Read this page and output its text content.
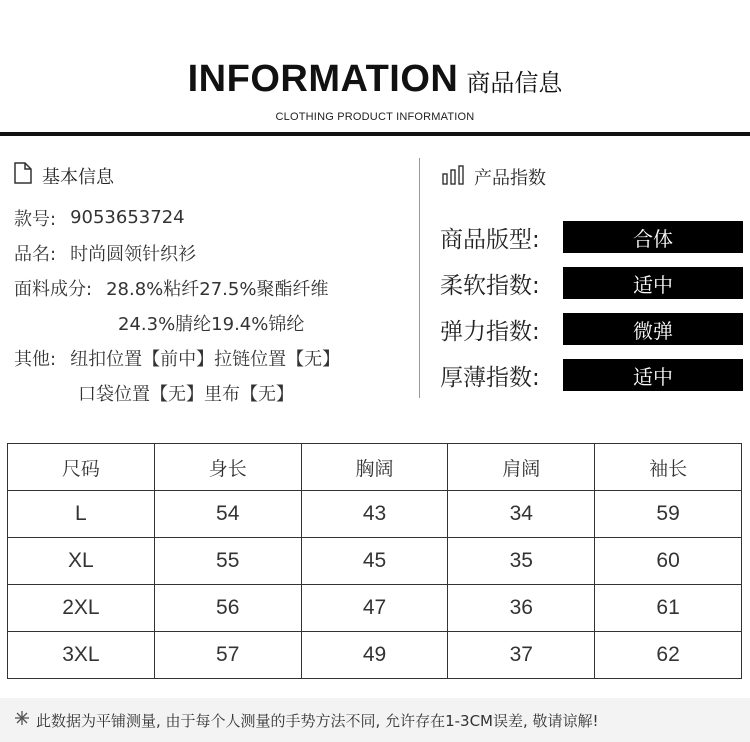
INFORMATION 商品信息
CLOTHING PRODUCT INFORMATION
基本信息
款号: 9053653724
品名: 时尚圆领针织衫
面料成分: 28.8%粘纤27.5%聚酯纤维
24.3%腈纶19.4%锦纶
其他: 纽扣位置【前中】拉链位置【无】
口袋位置【无】里布【无】
产品指数
商品版型:	合体
柔软指数:	适中
弹力指数:	微弹
厚薄指数:	适中
尺码	身长	胸阔	肩阔	袖长
L	54	43	34	59
XL	55	45	35	60
2XL	56	47	36	61
3XL	57	49	37	62
此数据为平铺测量, 由于每个人测量的手势方法不同, 允许存在1-3CM误差, 敬请谅解!
